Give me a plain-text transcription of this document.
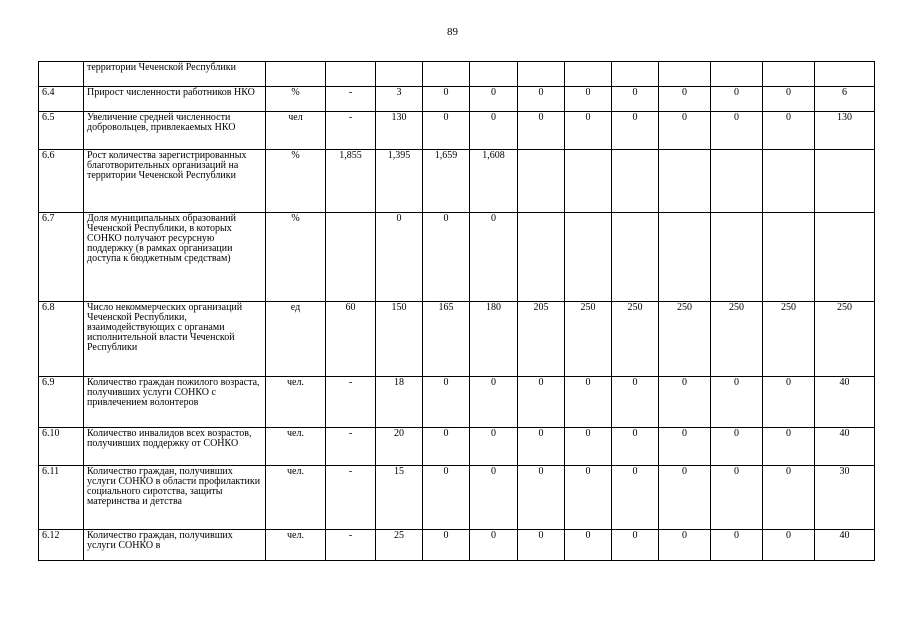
89
	территории Чеченской Республики												
6.4	Прирост численности работников НКО	%	-	3	0	0	0	0	0	0	0	0	6
6.5	Увеличение средней численности добровольцев, привлекаемых НКО	чел	-	130	0	0	0	0	0	0	0	0	130
6.6	Рост количества зарегистрированных благотворительных организаций на территории Чеченской Республики	%	1,855	1,395	1,659	1,608							
6.7	Доля муниципальных образований Чеченской Республики, в которых СОНКО получают ресурсную поддержку (в рамках организации доступа к бюджетным средствам)	%		0	0	0							
6.8	Число некоммерческих организаций Чеченской Республики, взаимодействующих с органами исполнительной власти Чеченской Республики	ед	60	150	165	180	205	250	250	250	250	250	250
6.9	Количество граждан пожилого возраста, получивших услуги СОНКО с привлечением волонтеров	чел.	-	18	0	0	0	0	0	0	0	0	40
6.10	Количество инвалидов всех возрастов, получивших поддержку от СОНКО	чел.	-	20	0	0	0	0	0	0	0	0	40
6.11	Количество граждан, получивших услуги СОНКО в области профилактики социального сиротства, защиты материнства и детства	чел.	-	15	0	0	0	0	0	0	0	0	30
6.12	Количество граждан, получивших услуги СОНКО в	чел.	-	25	0	0	0	0	0	0	0	0	40
